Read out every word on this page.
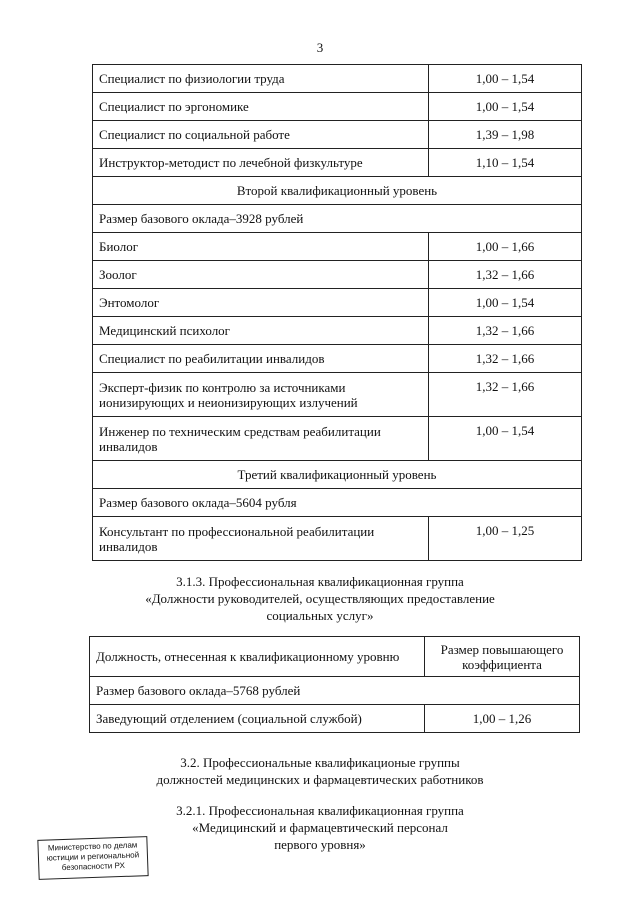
3
Специалист по физиологии труда	1,00 – 1,54
Специалист по эргономике	1,00 – 1,54
Специалист по социальной работе	1,39 – 1,98
Инструктор-методист по лечебной физкультуре	1,10 – 1,54
Второй квалификационный уровень	
Размер базового оклада–3928 рублей	
Биолог	1,00 – 1,66
Зоолог	1,32 – 1,66
Энтомолог	1,00 – 1,54
Медицинский психолог	1,32 – 1,66
Специалист по реабилитации инвалидов	1,32 – 1,66
Эксперт-физик по контролю за источниками ионизирующих и неионизирующих излучений	1,32 – 1,66
Инженер по техническим средствам реабилитации инвалидов	1,00 – 1,54
Третий квалификационный уровень	
Размер базового оклада–5604 рубля	
Консультант по профессиональной реабилитации инвалидов	1,00 – 1,25
3.1.3. Профессиональная квалификационная группа
«Должности руководителей, осуществляющих предоставление
социальных услуг»
Должность, отнесенная к квалификационному уровню	Размер повышающего коэффициента
Размер базового оклада–5768 рублей	
Заведующий отделением (социальной службой)	1,00 – 1,26
3.2. Профессиональные квалификационые группы
должностей медицинских и фармацевтических работников
3.2.1. Профессиональная квалификационная группа
«Медицинский и фармацевтический персонал
первого уровня»
Министерство по делам
юстиции и региональной
безопасности РХ
